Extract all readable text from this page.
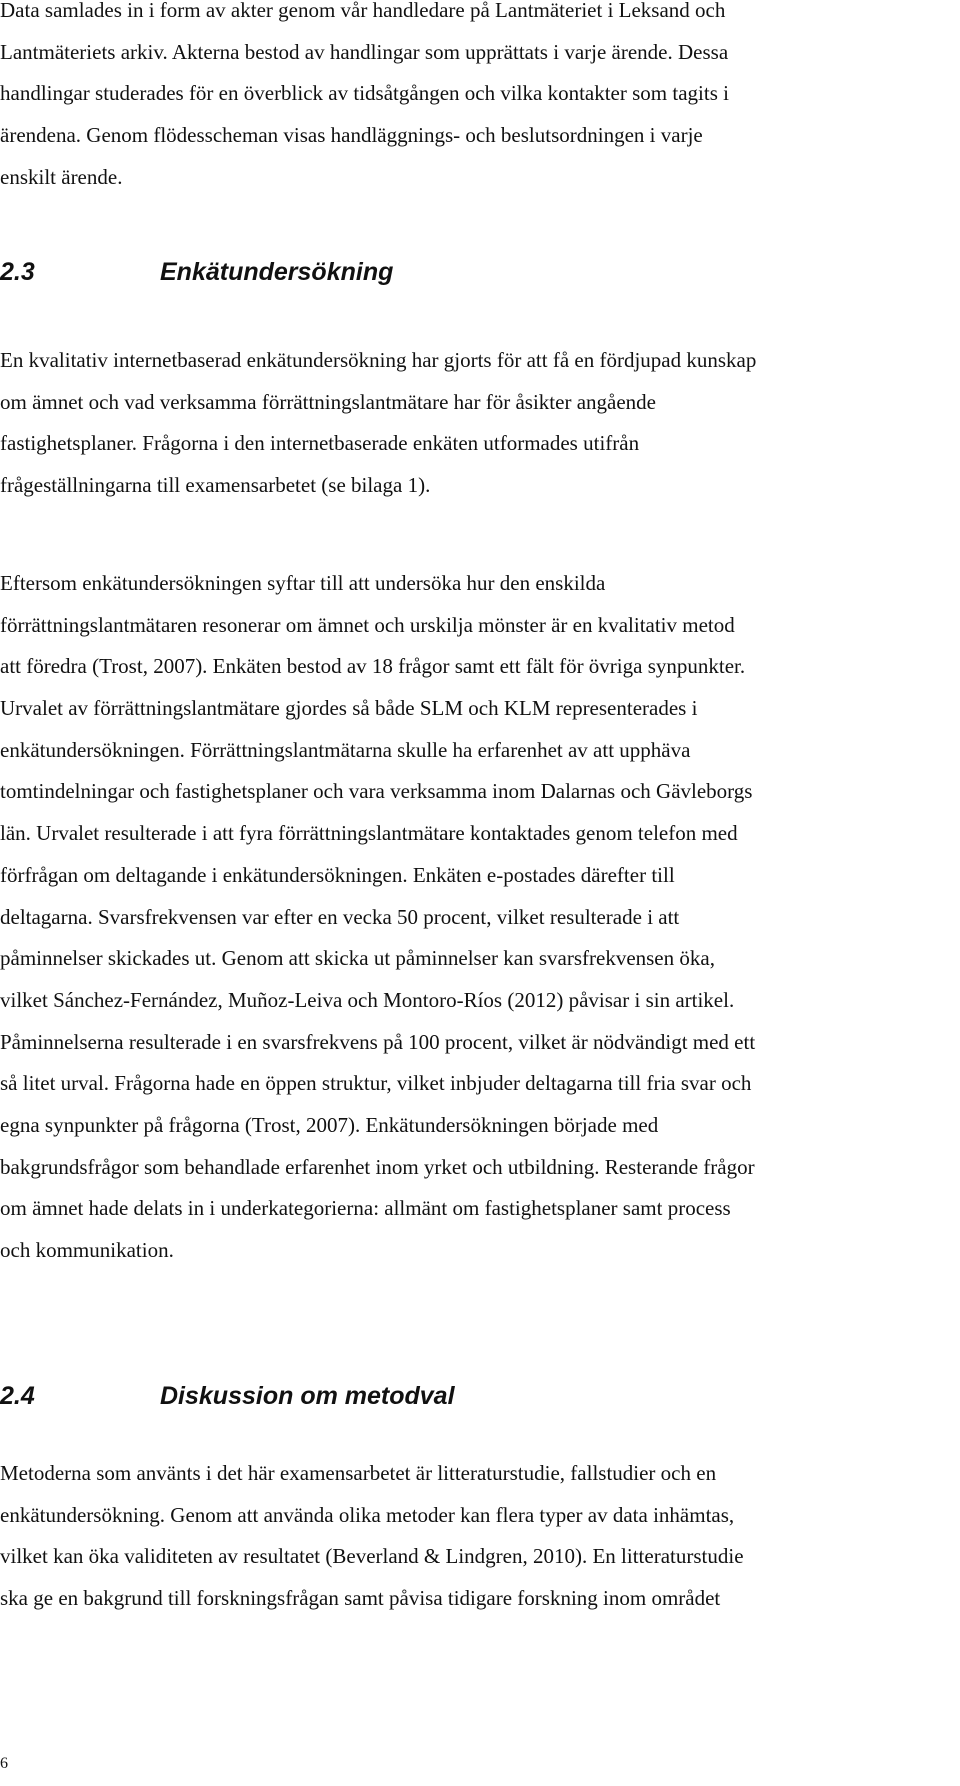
Data samlades in i form av akter genom vår handledare på Lantmäteriet i Leksand och
Lantmäteriets arkiv. Akterna bestod av handlingar som upprättats i varje ärende. Dessa
handlingar studerades för en överblick av tidsåtgången och vilka kontakter som tagits i
ärendena. Genom flödesscheman visas handläggnings- och beslutsordningen i varje
enskilt ärende.
2.3	Enkätundersökning
En kvalitativ internetbaserad enkätundersökning har gjorts för att få en fördjupad kunskap
om ämnet och vad verksamma förrättningslantmätare har för åsikter angående
fastighetsplaner. Frågorna i den internetbaserade enkäten utformades utifrån
frågeställningarna till examensarbetet (se bilaga 1).
Eftersom enkätundersökningen syftar till att undersöka hur den enskilda
förrättningslantmätaren resonerar om ämnet och urskilja mönster är en kvalitativ metod
att föredra (Trost, 2007). Enkäten bestod av 18 frågor samt ett fält för övriga synpunkter.
Urvalet av förrättningslantmätare gjordes så både SLM och KLM representerades i
enkätundersökningen. Förrättningslantmätarna skulle ha erfarenhet av att upphäva
tomtindelningar och fastighetsplaner och vara verksamma inom Dalarnas och Gävleborgs
län. Urvalet resulterade i att fyra förrättningslantmätare kontaktades genom telefon med
förfrågan om deltagande i enkätundersökningen. Enkäten e-postades därefter till
deltagarna. Svarsfrekvensen var efter en vecka 50 procent, vilket resulterade i att
påminnelser skickades ut. Genom att skicka ut påminnelser kan svarsfrekvensen öka,
vilket Sánchez-Fernández, Muñoz-Leiva och Montoro-Ríos (2012) påvisar i sin artikel.
Påminnelserna resulterade i en svarsfrekvens på 100 procent, vilket är nödvändigt med ett
så litet urval. Frågorna hade en öppen struktur, vilket inbjuder deltagarna till fria svar och
egna synpunkter på frågorna (Trost, 2007). Enkätundersökningen började med
bakgrundsfrågor som behandlade erfarenhet inom yrket och utbildning. Resterande frågor
om ämnet hade delats in i underkategorierna: allmänt om fastighetsplaner samt process
och kommunikation.
2.4	Diskussion om metodval
Metoderna som använts i det här examensarbetet är litteraturstudie, fallstudier och en
enkätundersökning. Genom att använda olika metoder kan flera typer av data inhämtas,
vilket kan öka validiteten av resultatet (Beverland & Lindgren, 2010). En litteraturstudie
ska ge en bakgrund till forskningsfrågan samt påvisa tidigare forskning inom området
6
